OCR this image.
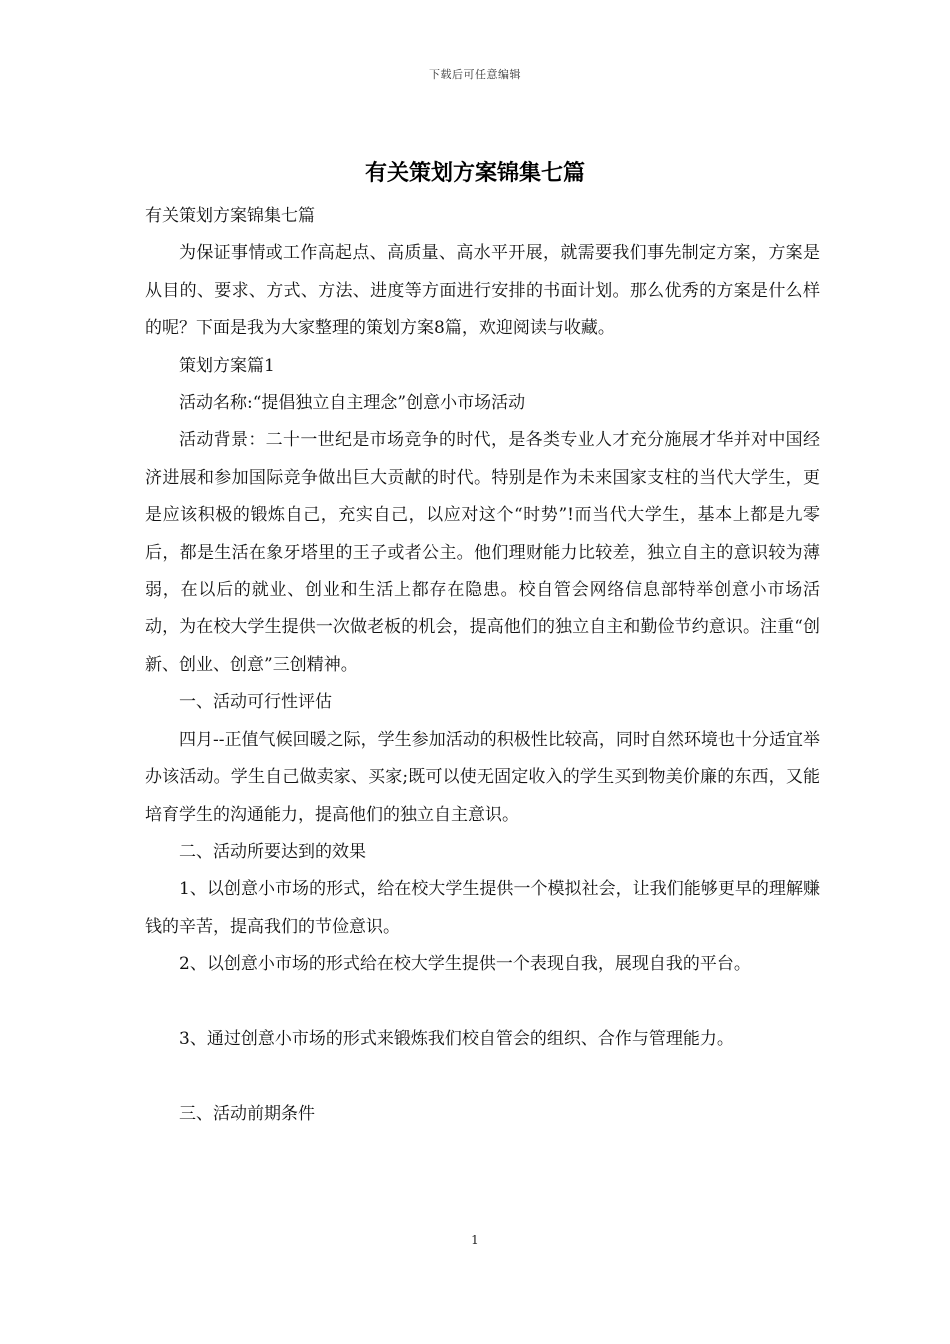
下载后可任意编辑
有关策划方案锦集七篇

有关策划方案锦集七篇

为保证事情或工作高起点、高质量、高水平开展，就需要我们事先制定方案，方案是从目的、要求、方式、方法、进度等方面进行安排的书面计划。那么优秀的方案是什么样的呢？下面是我为大家整理的策划方案8篇，欢迎阅读与收藏。

策划方案篇1

活动名称:“提倡独立自主理念”创意小市场活动

活动背景：二十一世纪是市场竞争的时代，是各类专业人才充分施展才华并对中国经济进展和参加国际竞争做出巨大贡献的时代。特别是作为未来国家支柱的当代大学生，更是应该积极的锻炼自己，充实自己，以应对这个“时势”!而当代大学生，基本上都是九零后，都是生活在象牙塔里的王子或者公主。他们理财能力比较差，独立自主的意识较为薄弱，在以后的就业、创业和生活上都存在隐患。校自管会网络信息部特举创意小市场活动，为在校大学生提供一次做老板的机会，提高他们的独立自主和勤俭节约意识。注重“创新、创业、创意”三创精神。

一、活动可行性评估

四月--正值气候回暖之际，学生参加活动的积极性比较高，同时自然环境也十分适宜举办该活动。学生自己做卖家、买家;既可以使无固定收入的学生买到物美价廉的东西，又能培育学生的沟通能力，提高他们的独立自主意识。

二、活动所要达到的效果

1、以创意小市场的形式，给在校大学生提供一个模拟社会，让我们能够更早的理解赚钱的辛苦，提高我们的节俭意识。

2、以创意小市场的形式给在校大学生提供一个表现自我，展现自我的平台。

3、通过创意小市场的形式来锻炼我们校自管会的组织、合作与管理能力。

三、活动前期条件

1
